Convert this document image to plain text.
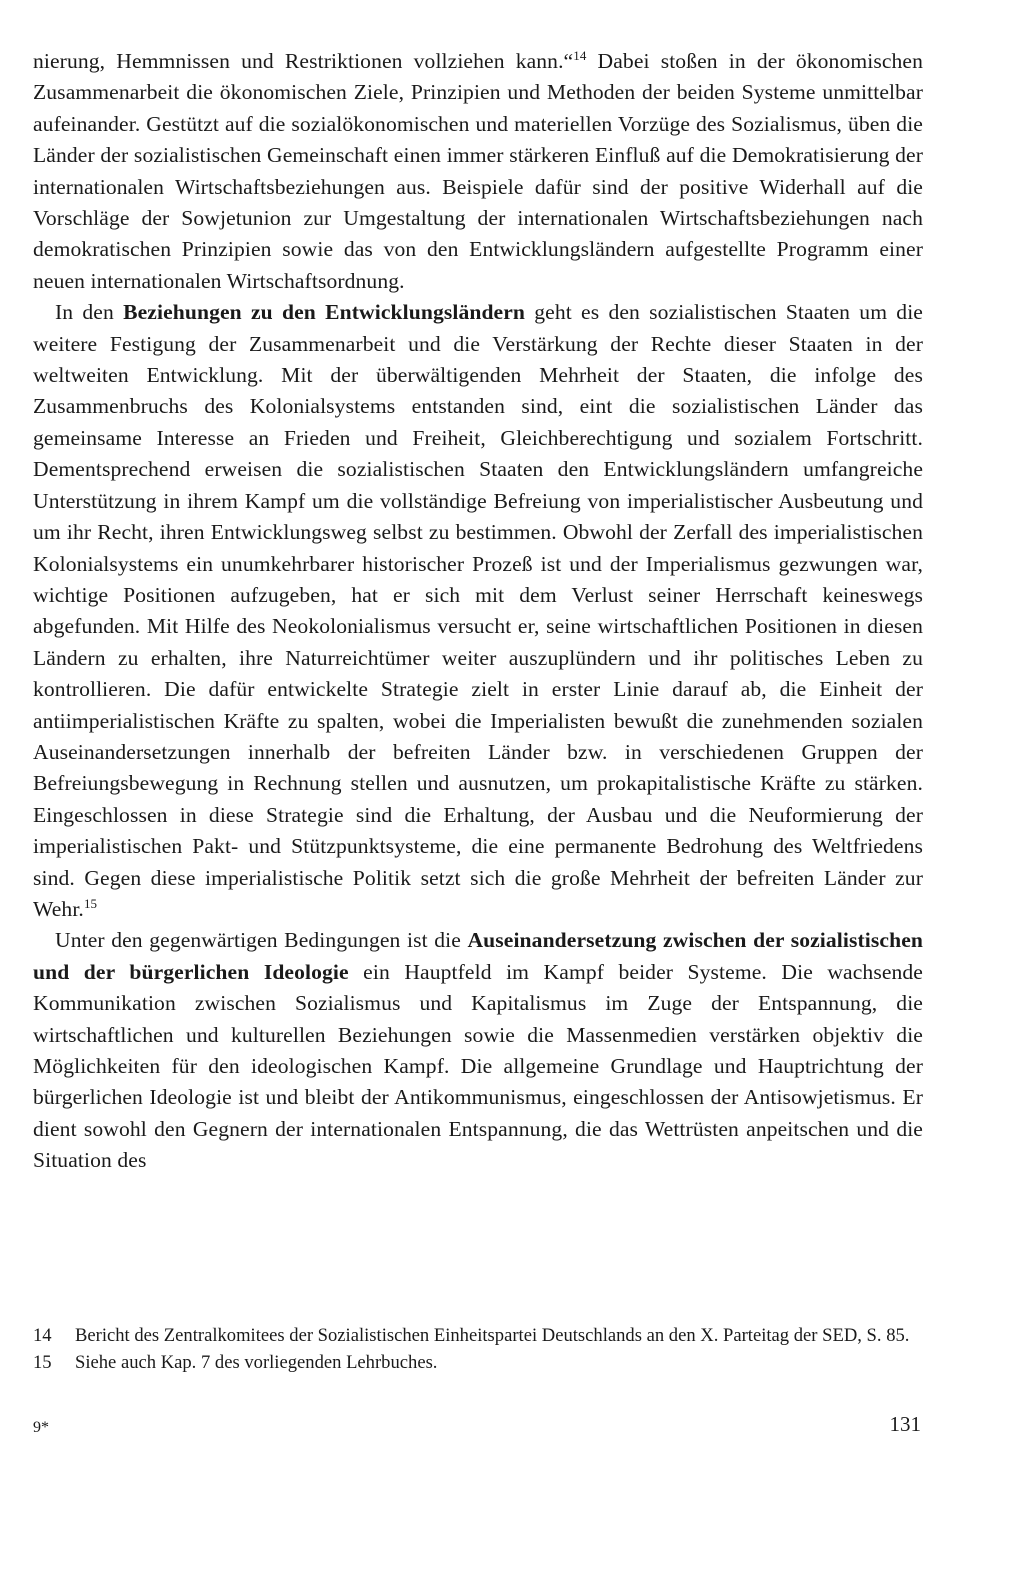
nierung, Hemmnissen und Restriktionen vollziehen kann.“$^{14}$ Dabei stoßen in der ökonomischen Zusammenarbeit die ökonomischen Ziele, Prinzipien und Methoden der beiden Systeme unmittelbar aufeinander. Gestützt auf die sozialökonomischen und materiellen Vorzüge des Sozialismus, üben die Länder der sozialistischen Gemeinschaft einen immer stärkeren Einfluß auf die Demokratisierung der internationalen Wirtschaftsbeziehungen aus. Beispiele dafür sind der positive Widerhall auf die Vorschläge der Sowjetunion zur Umgestaltung der internationalen Wirtschaftsbeziehungen nach demokratischen Prinzipien sowie das von den Entwicklungsländern aufgestellte Programm einer neuen internationalen Wirtschaftsordnung.

In den Beziehungen zu den Entwicklungsländern geht es den sozialistischen Staaten um die weitere Festigung der Zusammenarbeit und die Verstärkung der Rechte dieser Staaten in der weltweiten Entwicklung. Mit der überwältigenden Mehrheit der Staaten, die infolge des Zusammenbruchs des Kolonialsystems entstanden sind, eint die sozialistischen Länder das gemeinsame Interesse an Frieden und Freiheit, Gleichberechtigung und sozialem Fortschritt. Dementsprechend erweisen die sozialistischen Staaten den Entwicklungsländern umfangreiche Unterstützung in ihrem Kampf um die vollständige Befreiung von imperialistischer Ausbeutung und um ihr Recht, ihren Entwicklungsweg selbst zu bestimmen. Obwohl der Zerfall des imperialistischen Kolonialsystems ein unumkehrbarer historischer Prozeß ist und der Imperialismus gezwungen war, wichtige Positionen aufzugeben, hat er sich mit dem Verlust seiner Herrschaft keineswegs abgefunden. Mit Hilfe des Neokolonialismus versucht er, seine wirtschaftlichen Positionen in diesen Ländern zu erhalten, ihre Naturreichtümer weiter auszuplündern und ihr politisches Leben zu kontrollieren. Die dafür entwickelte Strategie zielt in erster Linie darauf ab, die Einheit der antiimperialistischen Kräfte zu spalten, wobei die Imperialisten bewußt die zunehmenden sozialen Auseinandersetzungen innerhalb der befreiten Länder bzw. in verschiedenen Gruppen der Befreiungsbewegung in Rechnung stellen und ausnutzen, um prokapitalistische Kräfte zu stärken. Eingeschlossen in diese Strategie sind die Erhaltung, der Ausbau und die Neuformierung der imperialistischen Pakt- und Stützpunktsysteme, die eine permanente Bedrohung des Weltfriedens sind. Gegen diese imperialistische Politik setzt sich die große Mehrheit der befreiten Länder zur Wehr.$^{15}$

Unter den gegenwärtigen Bedingungen ist die Auseinandersetzung zwischen der sozialistischen und der bürgerlichen Ideologie ein Hauptfeld im Kampf beider Systeme. Die wachsende Kommunikation zwischen Sozialismus und Kapitalismus im Zuge der Entspannung, die wirtschaftlichen und kulturellen Beziehungen sowie die Massenmedien verstärken objektiv die Möglichkeiten für den ideologischen Kampf. Die allgemeine Grundlage und Hauptrichtung der bürgerlichen Ideologie ist und bleibt der Antikommunismus, eingeschlossen der Antisowjetismus. Er dient sowohl den Gegnern der internationalen Entspannung, die das Wettrüsten anpeitschen und die Situation des

14	Bericht des Zentralkomitees der Sozialistischen Einheitspartei Deutschlands an den X. Parteitag der SED, S. 85.
15	Siehe auch Kap. 7 des vorliegenden Lehrbuches.
9*	131
